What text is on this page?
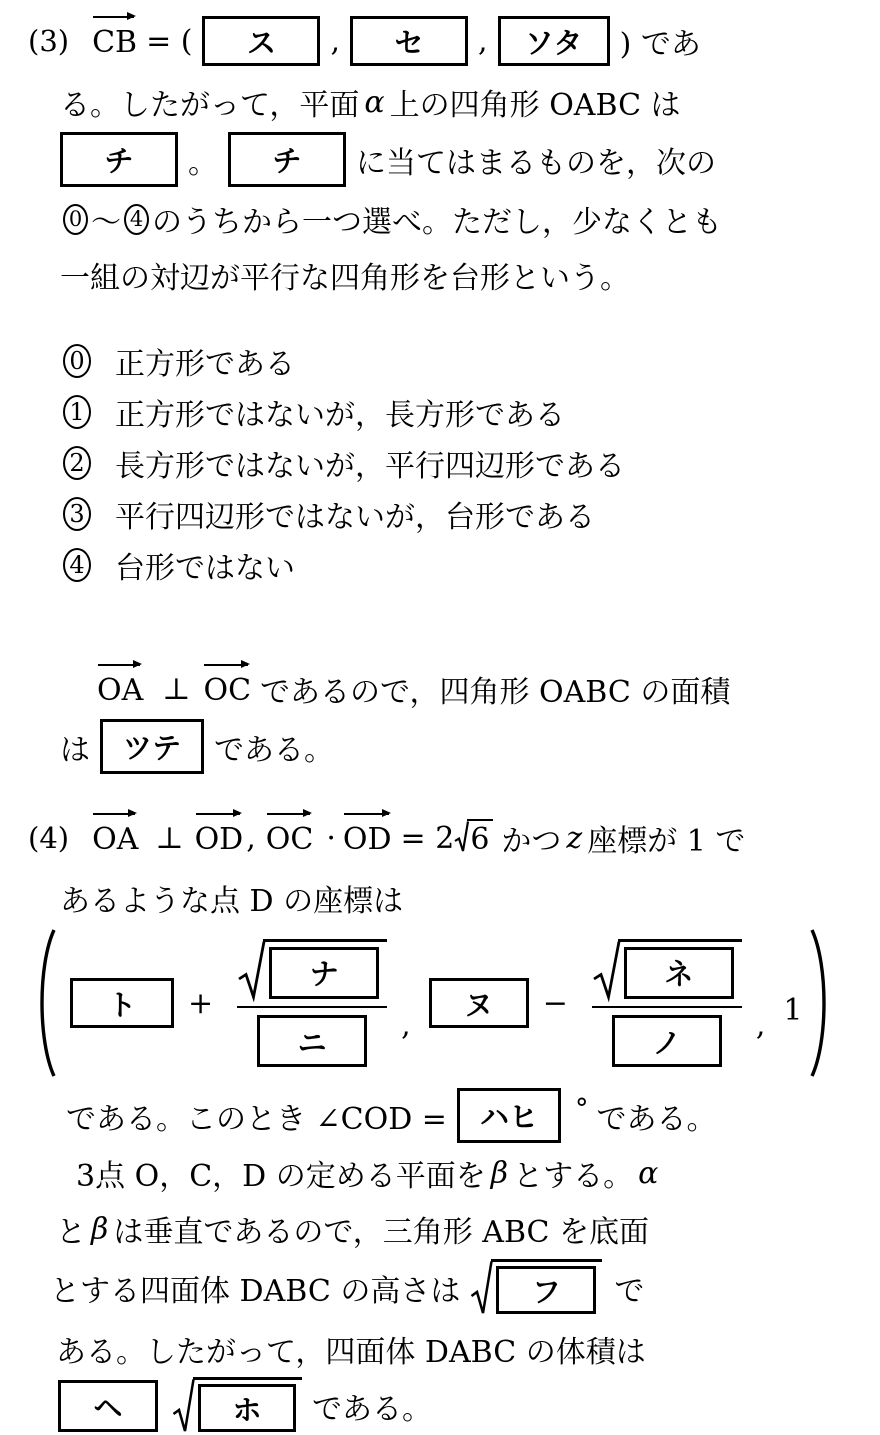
(3) CB = (	ス	,	セ	,	ソタ	) であ
る。したがって，平面 α 上の四角形 OABC は
チ	。	チ	に当てはまるものを，次の
0 ～ 4 のうちから一つ選べ。ただし，少なくとも
一組の対辺が平行な四角形を台形という。
0 正方形である
1 正方形ではないが，長方形である
2 長方形ではないが，平行四辺形である
3 平行四辺形ではないが，台形である
4 台形ではない
OA ⊥ OC であるので，四角形 OABC の面積
は	ツテ	である。
(4) OA ⊥ OD , OC · OD = 2 6 かつ z 座標が 1 で
あるような点 D の座標は
ト	+ $\frac{\text{ナ}}{\text{ニ}}$ ,
ヌ	− $\frac{\text{ネ}}{\text{ノ}}$ , 1
である。このとき ∠COD =	ハヒ	° である。
3点 O，C，D の定める平面を β とする。 α
と β は垂直であるので，三角形 ABC を底面
とする四面体 DABC の高さは	フ	で
ある。したがって，四面体 DABC の体積は
ヘ	ホ	である。
